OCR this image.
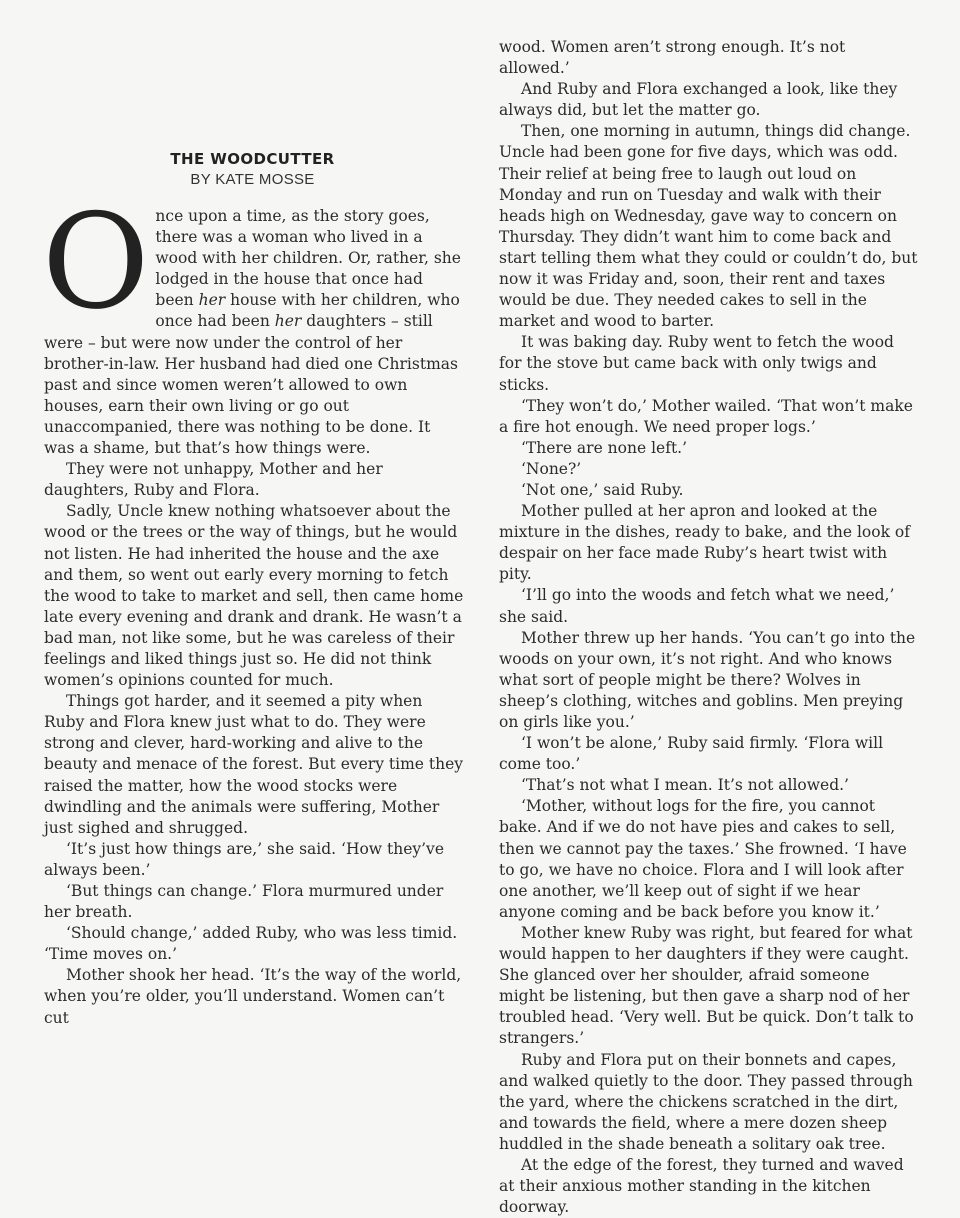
THE WOODCUTTER
BY KATE MOSSE
O nce upon a time, as the story goes, there was a woman who lived in a wood with her children. Or, rather, she lodged in the house that once had been her house with her children, who once had been her daughters – still were – but were now under the control of her brother-in-law. Her husband had died one Christmas past and since women weren’t allowed to own houses, earn their own living or go out unaccompanied, there was nothing to be done. It was a shame, but that’s how things were.

They were not unhappy, Mother and her daughters, Ruby and Flora.

Sadly, Uncle knew nothing whatsoever about the wood or the trees or the way of things, but he would not listen. He had inherited the house and the axe and them, so went out early every morning to fetch the wood to take to market and sell, then came home late every evening and drank and drank. He wasn’t a bad man, not like some, but he was careless of their feelings and liked things just so. He did not think women’s opinions counted for much.

Things got harder, and it seemed a pity when Ruby and Flora knew just what to do. They were strong and clever, hard-working and alive to the beauty and menace of the forest. But every time they raised the matter, how the wood stocks were dwindling and the animals were suffering, Mother just sighed and shrugged.

‘It’s just how things are,’ she said. ‘How they’ve always been.’

‘But things can change.’ Flora murmured under her breath.

‘Should change,’ added Ruby, who was less timid. ‘Time moves on.’

Mother shook her head. ‘It’s the way of the world, when you’re older, you’ll understand. Women can’t cut

wood. Women aren’t strong enough. It’s not allowed.’

And Ruby and Flora exchanged a look, like they always did, but let the matter go.

Then, one morning in autumn, things did change. Uncle had been gone for five days, which was odd. Their relief at being free to laugh out loud on Monday and run on Tuesday and walk with their heads high on Wednesday, gave way to concern on Thursday. They didn’t want him to come back and start telling them what they could or couldn’t do, but now it was Friday and, soon, their rent and taxes would be due. They needed cakes to sell in the market and wood to barter.

It was baking day. Ruby went to fetch the wood for the stove but came back with only twigs and sticks.

‘They won’t do,’ Mother wailed. ‘That won’t make a fire hot enough. We need proper logs.’

‘There are none left.’

‘None?’

‘Not one,’ said Ruby.

Mother pulled at her apron and looked at the mixture in the dishes, ready to bake, and the look of despair on her face made Ruby’s heart twist with pity.

‘I’ll go into the woods and fetch what we need,’ she said.

Mother threw up her hands. ‘You can’t go into the woods on your own, it’s not right. And who knows what sort of people might be there? Wolves in sheep’s clothing, witches and goblins. Men preying on girls like you.’

‘I won’t be alone,’ Ruby said firmly. ‘Flora will come too.’

‘That’s not what I mean. It’s not allowed.’

‘Mother, without logs for the fire, you cannot bake. And if we do not have pies and cakes to sell, then we cannot pay the taxes.’ She frowned. ‘I have to go, we have no choice. Flora and I will look after one another, we’ll keep out of sight if we hear anyone coming and be back before you know it.’

Mother knew Ruby was right, but feared for what would happen to her daughters if they were caught. She glanced over her shoulder, afraid someone might be listening, but then gave a sharp nod of her troubled head. ‘Very well. But be quick. Don’t talk to strangers.’

Ruby and Flora put on their bonnets and capes, and walked quietly to the door. They passed through the yard, where the chickens scratched in the dirt, and towards the field, where a mere dozen sheep huddled in the shade beneath a solitary oak tree.

At the edge of the forest, they turned and waved at their anxious mother standing in the kitchen doorway.
